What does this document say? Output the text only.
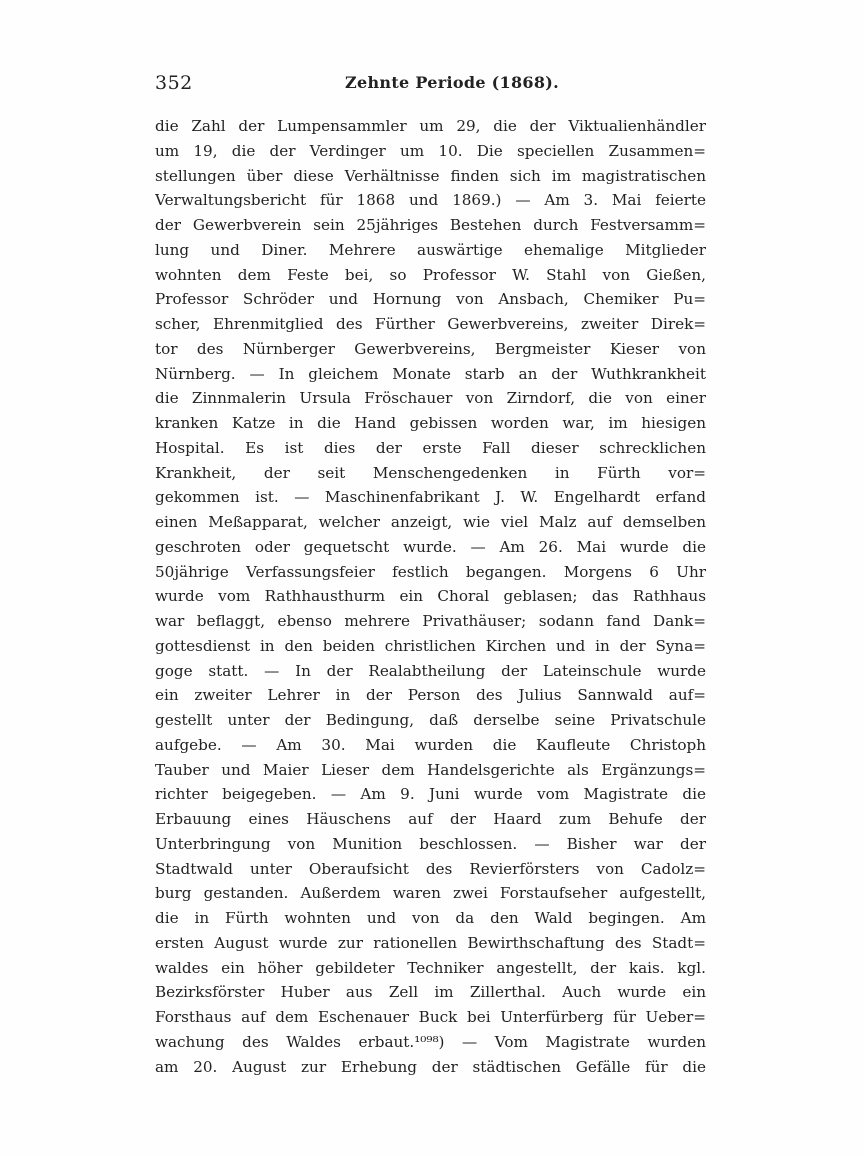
352	Zehnte Periode (1868).
die Zahl der Lumpensammler um 29, die der Viktualienhändler
um 19, die der Verdinger um 10. Die speciellen Zusammen=
stellungen über diese Verhältnisse finden sich im magistratischen
Verwaltungsbericht für 1868 und 1869.) — Am 3. Mai feierte
der Gewerbverein sein 25jähriges Bestehen durch Festversamm=
lung und Diner. Mehrere auswärtige ehemalige Mitglieder
wohnten dem Feste bei, so Professor W. Stahl von Gießen,
Professor Schröder und Hornung von Ansbach, Chemiker Pu=
scher, Ehrenmitglied des Fürther Gewerbvereins, zweiter Direk=
tor des Nürnberger Gewerbvereins, Bergmeister Kieser von
Nürnberg. — In gleichem Monate starb an der Wuthkrankheit
die Zinnmalerin Ursula Fröschauer von Zirndorf, die von einer
kranken Katze in die Hand gebissen worden war, im hiesigen
Hospital. Es ist dies der erste Fall dieser schrecklichen
Krankheit, der seit Menschengedenken in Fürth vor=
gekommen ist. — Maschinenfabrikant J. W. Engelhardt erfand
einen Meßapparat, welcher anzeigt, wie viel Malz auf demselben
geschroten oder gequetscht wurde. — Am 26. Mai wurde die
50jährige Verfassungsfeier festlich begangen. Morgens 6 Uhr
wurde vom Rathhausthurm ein Choral geblasen; das Rathhaus
war beflaggt, ebenso mehrere Privathäuser; sodann fand Dank=
gottesdienst in den beiden christlichen Kirchen und in der Syna=
goge statt. — In der Realabtheilung der Lateinschule wurde
ein zweiter Lehrer in der Person des Julius Sannwald auf=
gestellt unter der Bedingung, daß derselbe seine Privatschule
aufgebe. — Am 30. Mai wurden die Kaufleute Christoph
Tauber und Maier Lieser dem Handelsgerichte als Ergänzungs=
richter beigegeben. — Am 9. Juni wurde vom Magistrate die
Erbauung eines Häuschens auf der Haard zum Behufe der
Unterbringung von Munition beschlossen. — Bisher war der
Stadtwald unter Oberaufsicht des Revierförsters von Cadolz=
burg gestanden. Außerdem waren zwei Forstaufseher aufgestellt,
die in Fürth wohnten und von da den Wald begingen. Am
ersten August wurde zur rationellen Bewirthschaftung des Stadt=
waldes ein höher gebildeter Techniker angestellt, der kais. kgl.
Bezirksförster Huber aus Zell im Zillerthal. Auch wurde ein
Forsthaus auf dem Eschenauer Buck bei Unterfürberg für Ueber=
wachung des Waldes erbaut.¹⁰⁹⁸) — Vom Magistrate wurden
am 20. August zur Erhebung der städtischen Gefälle für die
